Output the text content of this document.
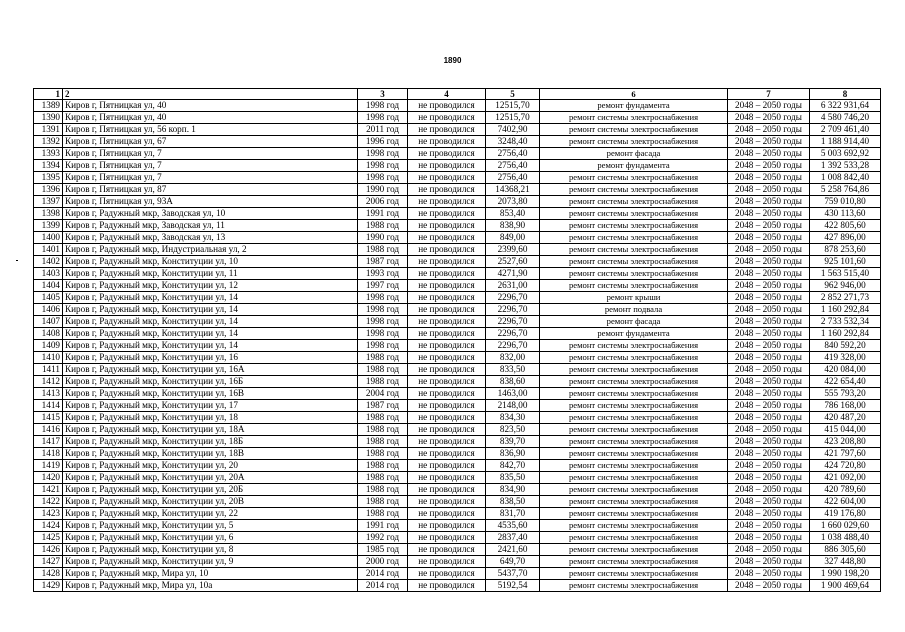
1890
1	2	3	4	5	6	7	8
1389	Киров г, Пятницкая ул, 40	1998 год	не проводился	12515,70	ремонт фундамента	2048 – 2050 годы	6 322 931,64
1390	Киров г, Пятницкая ул, 40	1998 год	не проводился	12515,70	ремонт системы электроснабжения	2048 – 2050 годы	4 580 746,20
1391	Киров г, Пятницкая ул, 56 корп. 1	2011 год	не проводился	7402,90	ремонт системы электроснабжения	2048 – 2050 годы	2 709 461,40
1392	Киров г, Пятницкая ул, 67	1996 год	не проводился	3248,40	ремонт системы электроснабжения	2048 – 2050 годы	1 188 914,40
1393	Киров г, Пятницкая ул, 7	1998 год	не проводился	2756,40	ремонт фасада	2048 – 2050 годы	5 003 692,92
1394	Киров г, Пятницкая ул, 7	1998 год	не проводился	2756,40	ремонт фундамента	2048 – 2050 годы	1 392 533,28
1395	Киров г, Пятницкая ул, 7	1998 год	не проводился	2756,40	ремонт системы электроснабжения	2048 – 2050 годы	1 008 842,40
1396	Киров г, Пятницкая ул, 87	1990 год	не проводился	14368,21	ремонт системы электроснабжения	2048 – 2050 годы	5 258 764,86
1397	Киров г, Пятницкая ул, 93А	2006 год	не проводился	2073,80	ремонт системы электроснабжения	2048 – 2050 годы	759 010,80
1398	Киров г, Радужный мкр, Заводская ул, 10	1991 год	не проводился	853,40	ремонт системы электроснабжения	2048 – 2050 годы	430 113,60
1399	Киров г, Радужный мкр, Заводская ул, 11	1988 год	не проводился	838,90	ремонт системы электроснабжения	2048 – 2050 годы	422 805,60
1400	Киров г, Радужный мкр, Заводская ул, 13	1990 год	не проводился	849,00	ремонт системы электроснабжения	2048 – 2050 годы	427 896,00
1401	Киров г, Радужный мкр, Индустриальная ул, 2	1988 год	не проводился	2399,60	ремонт системы электроснабжения	2048 – 2050 годы	878 253,60
1402	Киров г, Радужный мкр, Конституции ул, 10	1987 год	не проводился	2527,60	ремонт системы электроснабжения	2048 – 2050 годы	925 101,60
1403	Киров г, Радужный мкр, Конституции ул, 11	1993 год	не проводился	4271,90	ремонт системы электроснабжения	2048 – 2050 годы	1 563 515,40
1404	Киров г, Радужный мкр, Конституции ул, 12	1997 год	не проводился	2631,00	ремонт системы электроснабжения	2048 – 2050 годы	962 946,00
1405	Киров г, Радужный мкр, Конституции ул, 14	1998 год	не проводился	2296,70	ремонт крыши	2048 – 2050 годы	2 852 271,73
1406	Киров г, Радужный мкр, Конституции ул, 14	1998 год	не проводился	2296,70	ремонт подвала	2048 – 2050 годы	1 160 292,84
1407	Киров г, Радужный мкр, Конституции ул, 14	1998 год	не проводился	2296,70	ремонт фасада	2048 – 2050 годы	2 733 532,34
1408	Киров г, Радужный мкр, Конституции ул, 14	1998 год	не проводился	2296,70	ремонт фундамента	2048 – 2050 годы	1 160 292,84
1409	Киров г, Радужный мкр, Конституции ул, 14	1998 год	не проводился	2296,70	ремонт системы электроснабжения	2048 – 2050 годы	840 592,20
1410	Киров г, Радужный мкр, Конституции ул, 16	1988 год	не проводился	832,00	ремонт системы электроснабжения	2048 – 2050 годы	419 328,00
1411	Киров г, Радужный мкр, Конституции ул, 16А	1988 год	не проводился	833,50	ремонт системы электроснабжения	2048 – 2050 годы	420 084,00
1412	Киров г, Радужный мкр, Конституции ул, 16Б	1988 год	не проводился	838,60	ремонт системы электроснабжения	2048 – 2050 годы	422 654,40
1413	Киров г, Радужный мкр, Конституции ул, 16В	2004 год	не проводился	1463,00	ремонт системы электроснабжения	2048 – 2050 годы	555 793,20
1414	Киров г, Радужный мкр, Конституции ул, 17	1987 год	не проводился	2148,00	ремонт системы электроснабжения	2048 – 2050 годы	786 168,00
1415	Киров г, Радужный мкр, Конституции ул, 18	1988 год	не проводился	834,30	ремонт системы электроснабжения	2048 – 2050 годы	420 487,20
1416	Киров г, Радужный мкр, Конституции ул, 18А	1988 год	не проводился	823,50	ремонт системы электроснабжения	2048 – 2050 годы	415 044,00
1417	Киров г, Радужный мкр, Конституции ул, 18Б	1988 год	не проводился	839,70	ремонт системы электроснабжения	2048 – 2050 годы	423 208,80
1418	Киров г, Радужный мкр, Конституции ул, 18В	1988 год	не проводился	836,90	ремонт системы электроснабжения	2048 – 2050 годы	421 797,60
1419	Киров г, Радужный мкр, Конституции ул, 20	1988 год	не проводился	842,70	ремонт системы электроснабжения	2048 – 2050 годы	424 720,80
1420	Киров г, Радужный мкр, Конституции ул, 20А	1988 год	не проводился	835,50	ремонт системы электроснабжения	2048 – 2050 годы	421 092,00
1421	Киров г, Радужный мкр, Конституции ул, 20Б	1988 год	не проводился	834,90	ремонт системы электроснабжения	2048 – 2050 годы	420 789,60
1422	Киров г, Радужный мкр, Конституции ул, 20В	1988 год	не проводился	838,50	ремонт системы электроснабжения	2048 – 2050 годы	422 604,00
1423	Киров г, Радужный мкр, Конституции ул, 22	1988 год	не проводился	831,70	ремонт системы электроснабжения	2048 – 2050 годы	419 176,80
1424	Киров г, Радужный мкр, Конституции ул, 5	1991 год	не проводился	4535,60	ремонт системы электроснабжения	2048 – 2050 годы	1 660 029,60
1425	Киров г, Радужный мкр, Конституции ул, 6	1992 год	не проводился	2837,40	ремонт системы электроснабжения	2048 – 2050 годы	1 038 488,40
1426	Киров г, Радужный мкр, Конституции ул, 8	1985 год	не проводился	2421,60	ремонт системы электроснабжения	2048 – 2050 годы	886 305,60
1427	Киров г, Радужный мкр, Конституции ул, 9	2000 год	не проводился	649,70	ремонт системы электроснабжения	2048 – 2050 годы	327 448,80
1428	Киров г, Радужный мкр, Мира ул, 10	2014 год	не проводился	5437,70	ремонт системы электроснабжения	2048 – 2050 годы	1 990 198,20
1429	Киров г, Радужный мкр, Мира ул, 10а	2014 год	не проводился	5192,54	ремонт системы электроснабжения	2048 – 2050 годы	1 900 469,64
